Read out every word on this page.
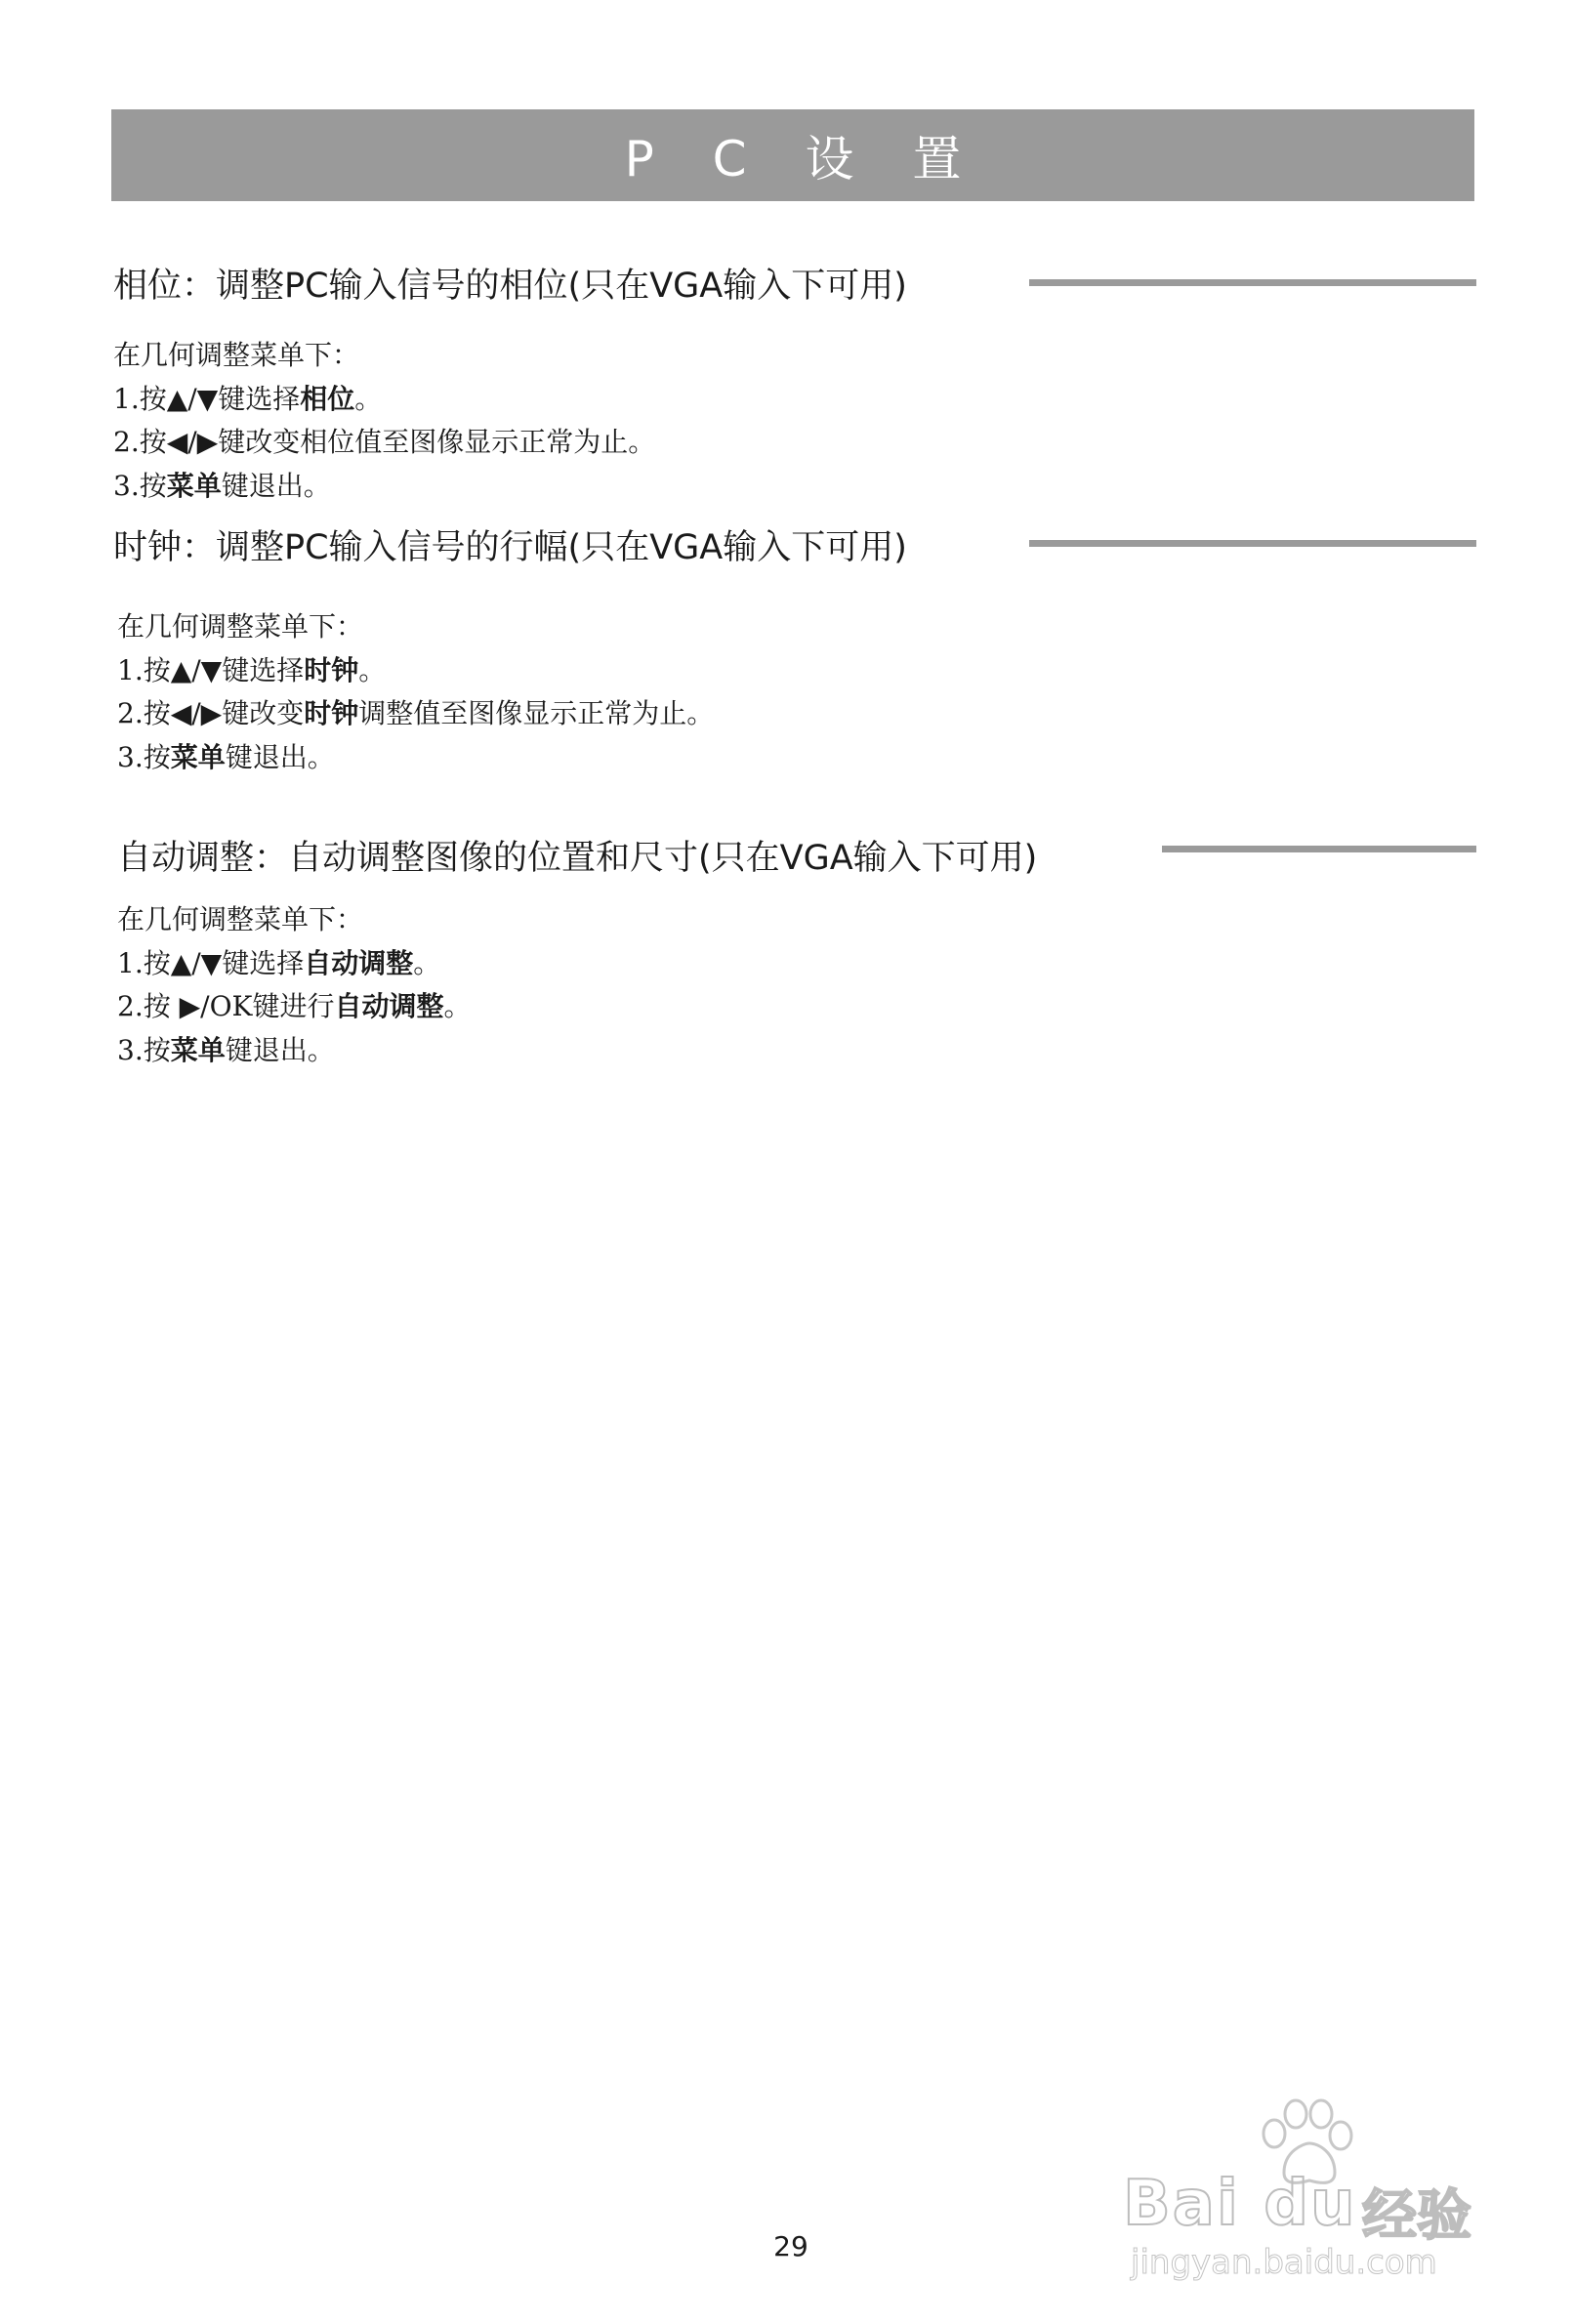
P C 设 置
相位：调整PC输入信号的相位(只在VGA输入下可用)
在几何调整菜单下：
1.按▲/▼键选择相位。
2.按◀/▶键改变相位值至图像显示正常为止。
3.按菜单键退出。
时钟：调整PC输入信号的行幅(只在VGA输入下可用)
在几何调整菜单下：
1.按▲/▼键选择时钟。
2.按◀/▶键改变时钟调整值至图像显示正常为止。
3.按菜单键退出。
自动调整：自动调整图像的位置和尺寸(只在VGA输入下可用)
在几何调整菜单下：
1.按▲/▼键选择自动调整。
2.按 ▶/OK键进行自动调整。
3.按菜单键退出。
Bai du 经验
jingyan.baidu.com
29
